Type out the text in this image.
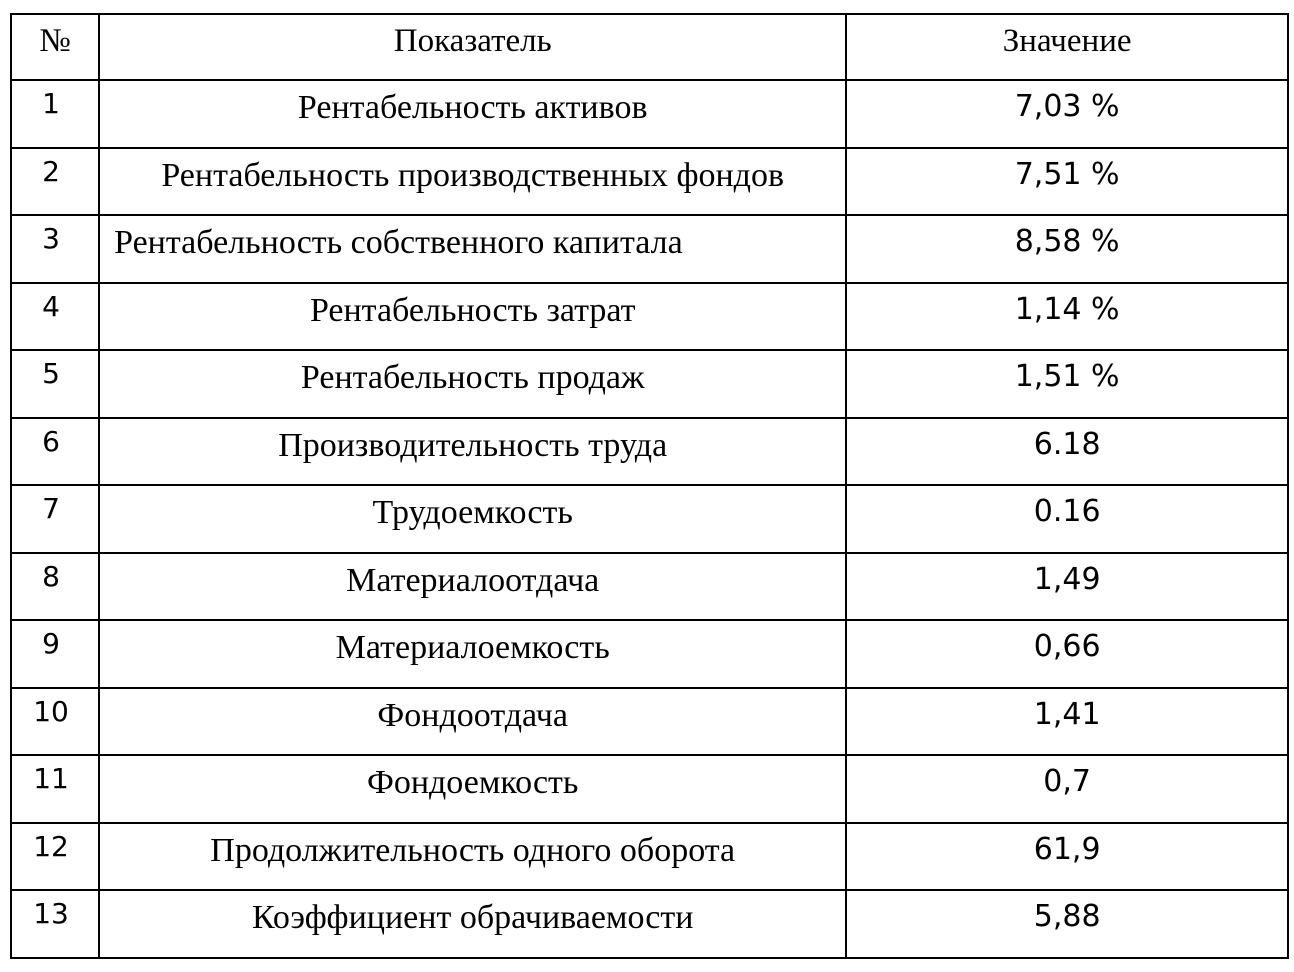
№	Показатель	Значение
1	Рентабельность активов	7,03 %
2	Рентабельность производственных фондов	7,51 %
3	Рентабельность собственного капитала	8,58 %
4	Рентабельность затрат	1,14 %
5	Рентабельность продаж	1,51 %
6	Производительность труда	6.18
7	Трудоемкость	0.16
8	Материалоотдача	1,49
9	Материалоемкость	0,66
10	Фондоотдача	1,41
11	Фондоемкость	0,7
12	Продолжительность одного оборота	61,9
13	Коэффициент обрачиваемости	5,88
